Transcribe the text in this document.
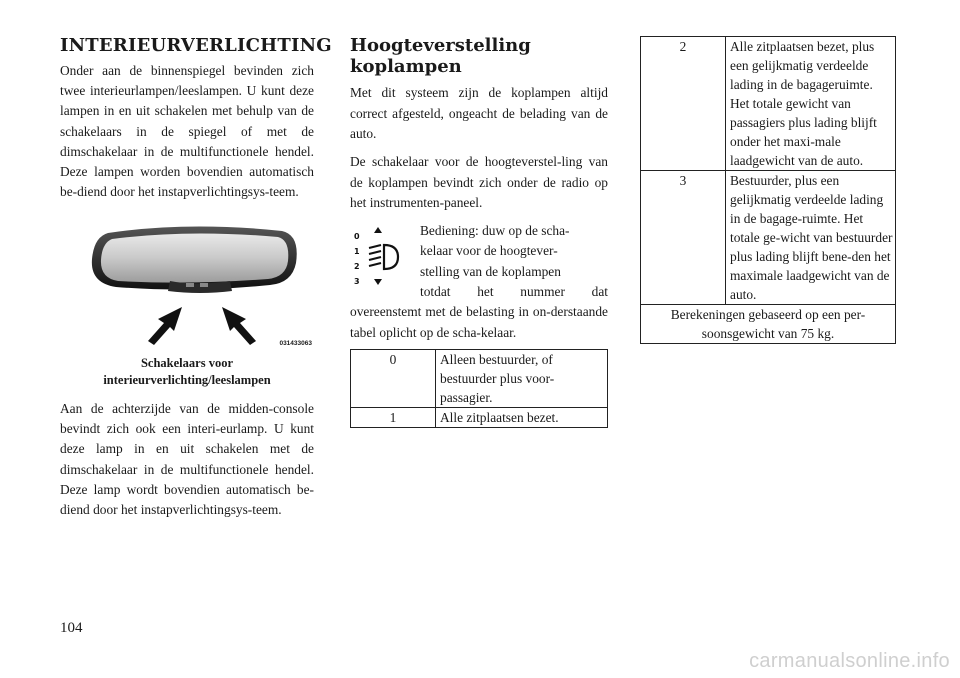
INTERIEURVERLICHTING

Onder aan de binnenspiegel bevinden zich twee interieurlampen/leeslampen. U kunt deze lampen in en uit schakelen met behulp van de schakelaars in de spiegel of met de dimschakelaar in de multifunctionele hendel. Deze lampen worden bovendien automatisch be-diend door het instapverlichtingsys-teem.

031433063
Schakelaars voor
interieurverlichting/leeslampen

Aan de achterzijde van de midden-console bevindt zich ook een interi-eurlamp. U kunt deze lamp in en uit schakelen met de dimschakelaar in de multifunctionele hendel. Deze lamp wordt bovendien automatisch be-diend door het instapverlichtingsys-teem.

Hoogteverstelling
koplampen

Met dit systeem zijn de koplampen altijd correct afgesteld, ongeacht de belading van de auto.

De schakelaar voor de hoogteverstel-ling van de koplampen bevindt zich onder de radio op het instrumenten-paneel.

0
1
2
3

Bediening: duw op de scha-
kelaar voor de hoogtever-
stelling van de koplampen
totdat het nummer dat
overeenstemt met de belasting in on-derstaande tabel oplicht op de scha-kelaar.

0	Alleen bestuurder, of bestuurder plus voor-passagier.
1	Alle zitplaatsen bezet.
2	Alle zitplaatsen bezet, plus een gelijkmatig verdeelde lading in de bagageruimte. Het totale gewicht van passagiers plus lading blijft onder het maxi-male laadgewicht van de auto.
3	Bestuurder, plus een gelijkmatig verdeelde lading in de bagage-ruimte. Het totale ge-wicht van bestuurder plus lading blijft bene-den het maximale laadgewicht van de auto.
Berekeningen gebaseerd op een per-soonsgewicht van 75 kg.	
104
carmanualsonline.info
